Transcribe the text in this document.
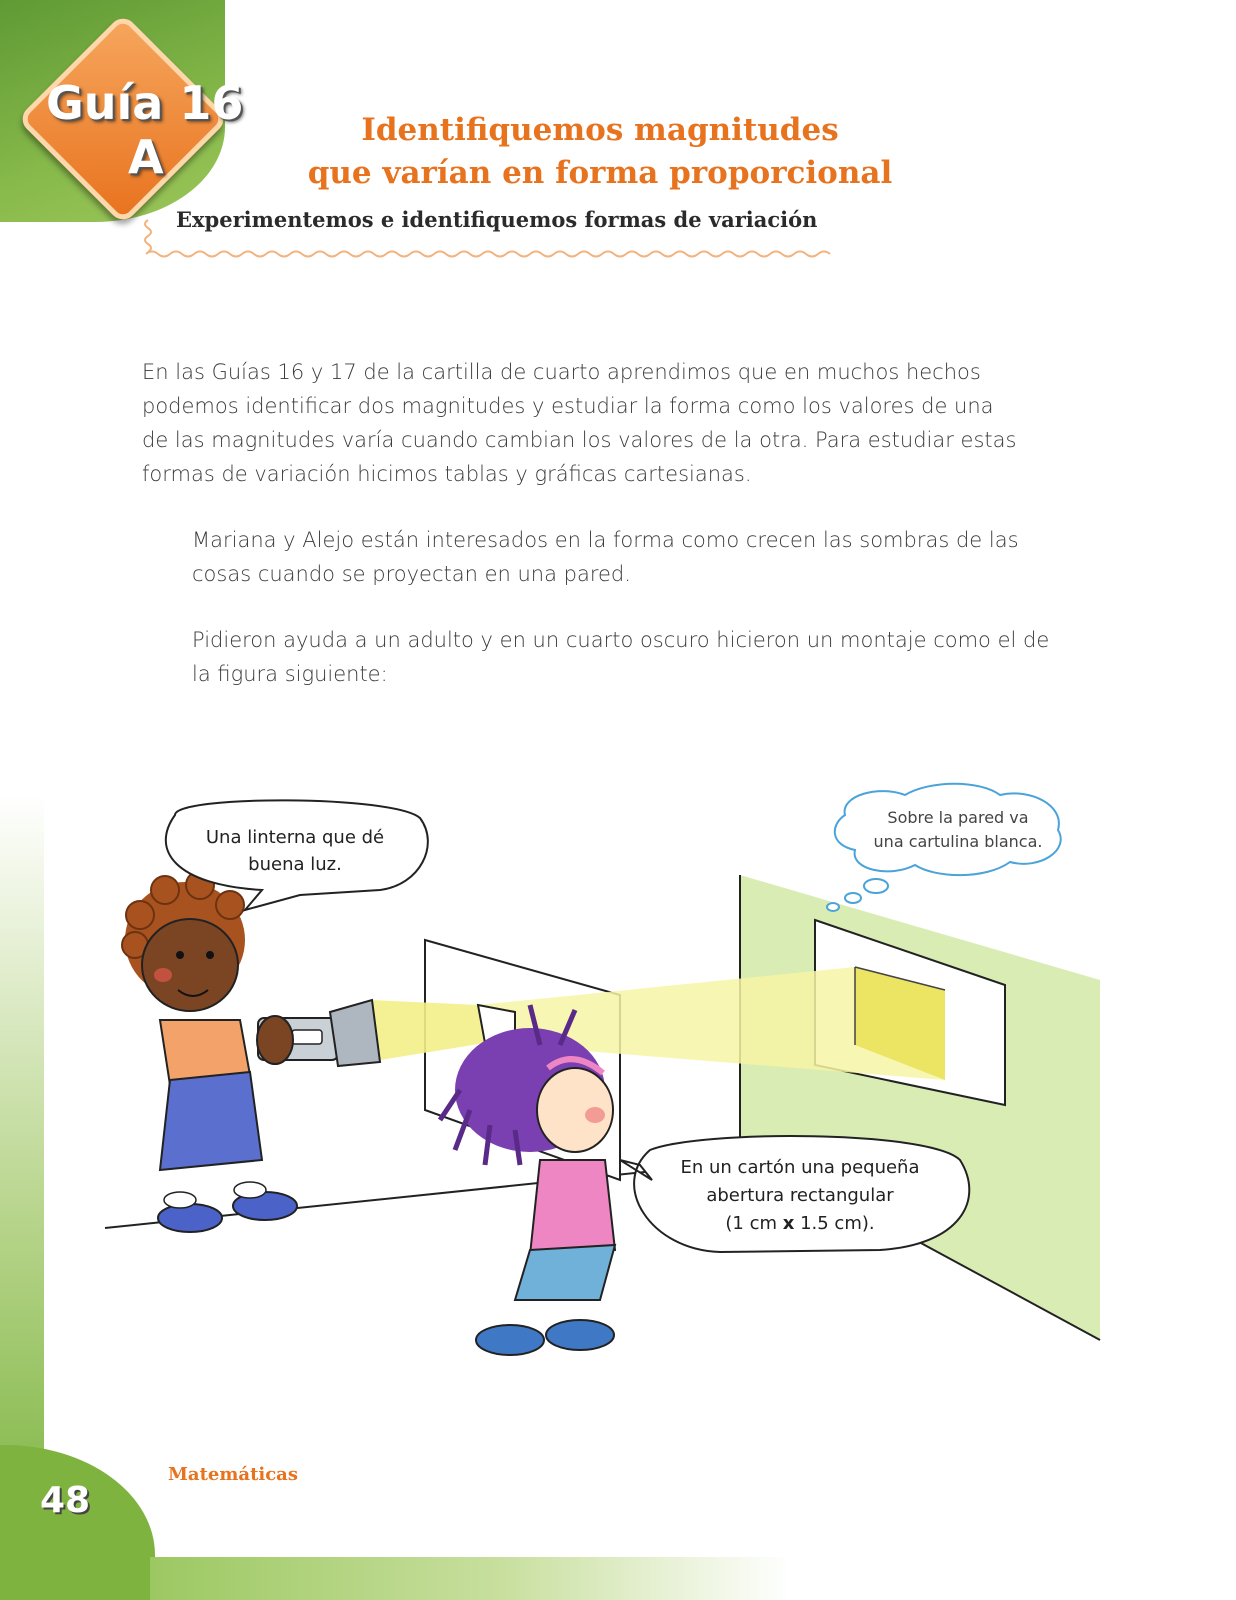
Guía 16
A	Identifiquemos magnitudes
que varían en forma proporcional
Experimentemos e identifiquemos formas de variación
En las Guías 16 y 17 de la cartilla de cuarto aprendimos que en muchos hechos
podemos identificar dos magnitudes y estudiar la forma como los valores de una
de las magnitudes varía cuando cambian los valores de la otra. Para estudiar estas
formas de variación hicimos tablas y gráficas cartesianas.
Mariana y Alejo están interesados en la forma como crecen las sombras de las
cosas cuando se proyectan en una pared.
Pidieron ayuda a un adulto y en un cuarto oscuro hicieron un montaje como el de
la figura siguiente:
Una linterna que dé
buena luz.
Sobre la pared va
una cartulina blanca.
En un cartón una pequeña
abertura rectangular
(1 cm x 1.5 cm).
Matemáticas
48
